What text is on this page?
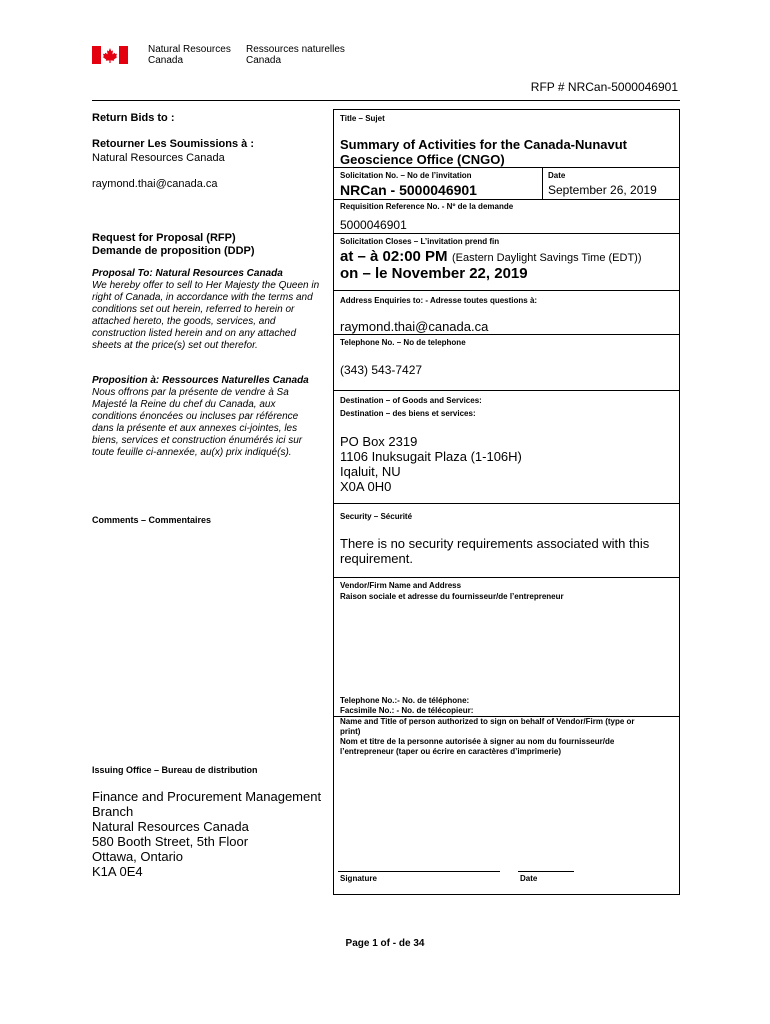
Natural Resources
Canada
Ressources naturelles
Canada
RFP # NRCan-5000046901
Return Bids to :
Retourner Les Soumissions à :
Natural Resources Canada
raymond.thai@canada.ca
Request for Proposal (RFP)
Demande de proposition (DDP)
Proposal To: Natural Resources Canada
We hereby offer to sell to Her Majesty the Queen in
right of Canada, in accordance with the terms and
conditions set out herein, referred to herein or
attached hereto, the goods, services, and
construction listed herein and on any attached
sheets at the price(s) set out therefor.
Proposition à: Ressources Naturelles Canada
Nous offrons par la présente de vendre à Sa
Majesté la Reine du chef du Canada, aux
conditions énoncées ou incluses par référence
dans la présente et aux annexes ci-jointes, les
biens, services et construction énumérés ici sur
toute feuille ci-annexée, au(x) prix indiqué(s).
Comments – Commentaires
Issuing Office – Bureau de distribution
Finance and Procurement Management
Branch
Natural Resources Canada
580 Booth Street, 5th Floor
Ottawa, Ontario
K1A 0E4
Title – Sujet
Summary of Activities for the Canada-Nunavut
Geoscience Office (CNGO)
Solicitation No. – No de l’invitation	Date
NRCan - 5000046901	September 26, 2019
Requisition Reference No. - Nº de la demande
5000046901
Solicitation Closes – L’invitation prend fin
at – à 02:00 PM (Eastern Daylight Savings Time (EDT))
on – le November 22, 2019
Address Enquiries to: - Adresse toutes questions à:
raymond.thai@canada.ca
Telephone No. – No de telephone
(343) 543-7427
Destination – of Goods and Services:
Destination – des biens et services:
PO Box 2319
1106 Inuksugait Plaza (1-106H)
Iqaluit, NU
X0A 0H0
Security – Sécurité
There is no security requirements associated with this
requirement.
Vendor/Firm Name and Address
Raison sociale et adresse du fournisseur/de l’entrepreneur
Telephone No.:- No. de téléphone:
Facsimile No.: - No. de télécopieur:
Name and Title of person authorized to sign on behalf of Vendor/Firm (type or
print)
Nom et titre de la personne autorisée à signer au nom du fournisseur/de
l’entrepreneur (taper ou écrire en caractères d’imprimerie)
Signature	Date
Page 1 of - de 34
